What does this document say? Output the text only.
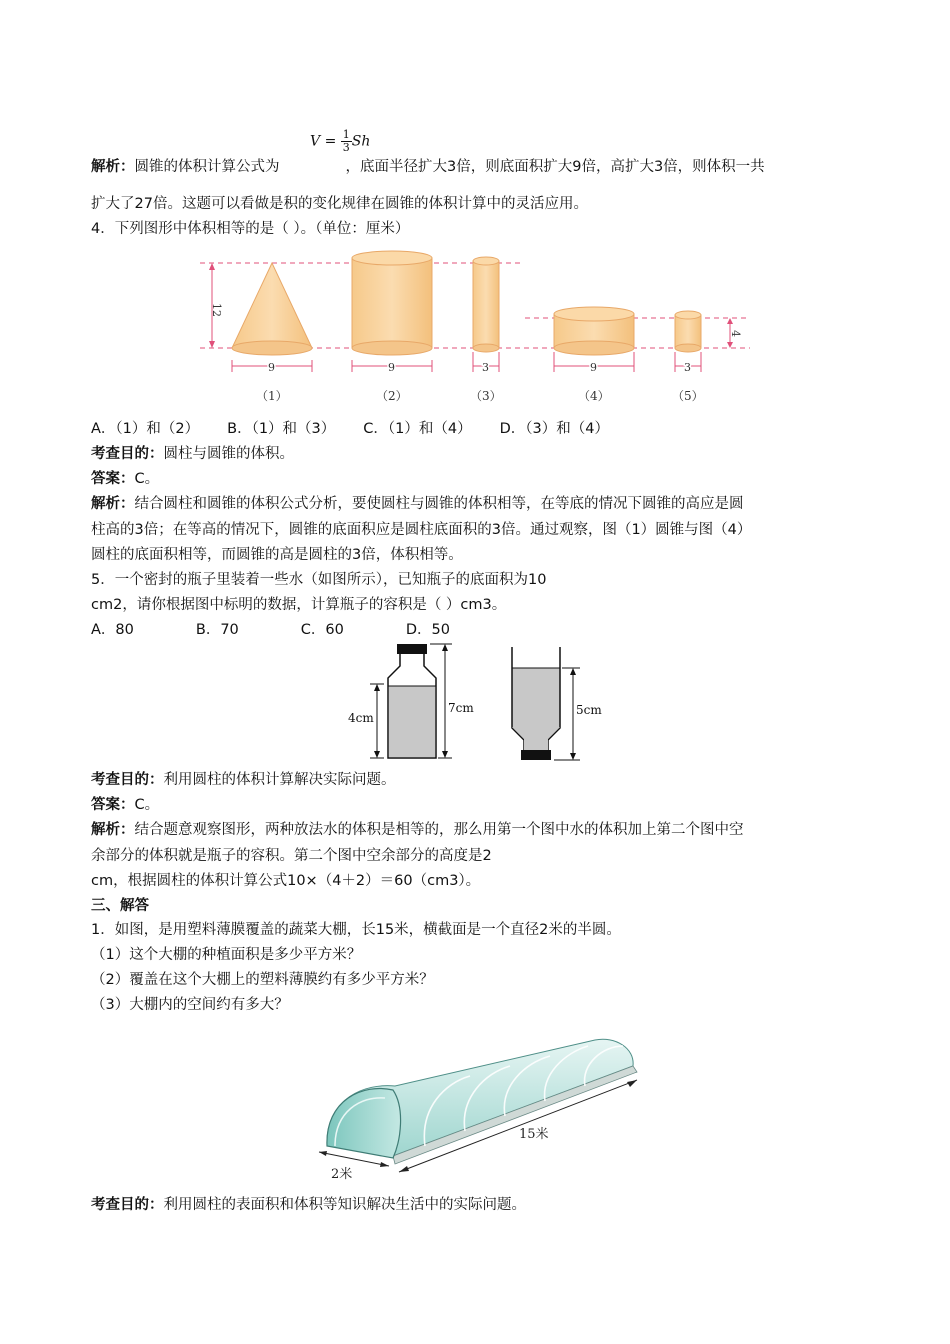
$V = \frac{1}{3}$ Sh
解析：圆锥的体积计算公式为	，底面半径扩大3倍，则底面积扩大9倍，高扩大3倍，则体积一共
扩大了27倍。这题可以看做是积的变化规律在圆锥的体积计算中的灵活应用。
4．下列图形中体积相等的是（ ）。（单位：厘米）
12
4
9	9	3	9	3
（1）	（2）	（3）	（4）	（5）
A．（1）和（2） B．（1）和（3） C．（1）和（4） D．（3）和（4）
考查目的：圆柱与圆锥的体积。
答案：C。
解析：结合圆柱和圆锥的体积公式分析，要使圆柱与圆锥的体积相等，在等底的情况下圆锥的高应是圆
柱高的3倍；在等高的情况下，圆锥的底面积应是圆柱底面积的3倍。通过观察，图（1）圆锥与图（4）
圆柱的底面积相等，而圆锥的高是圆柱的3倍，体积相等。
5．一个密封的瓶子里装着一些水（如图所示），已知瓶子的底面积为10
cm2，请你根据图中标明的数据，计算瓶子的容积是（ ）cm3。
A．80	B．70	C．60	D．50
4cm
7cm	5cm
考查目的：利用圆柱的体积计算解决实际问题。
答案：C。
解析：结合题意观察图形，两种放法水的体积是相等的，那么用第一个图中水的体积加上第二个图中空
余部分的体积就是瓶子的容积。第二个图中空余部分的高度是2
cm，根据圆柱的体积计算公式10×（4＋2）＝60（cm3）。
三、解答
1．如图，是用塑料薄膜覆盖的蔬菜大棚，长15米，横截面是一个直径2米的半圆。
（1）这个大棚的种植面积是多少平方米？
（2）覆盖在这个大棚上的塑料薄膜约有多少平方米？
（3）大棚内的空间约有多大？
15米
2米
考查目的：利用圆柱的表面积和体积等知识解决生活中的实际问题。
